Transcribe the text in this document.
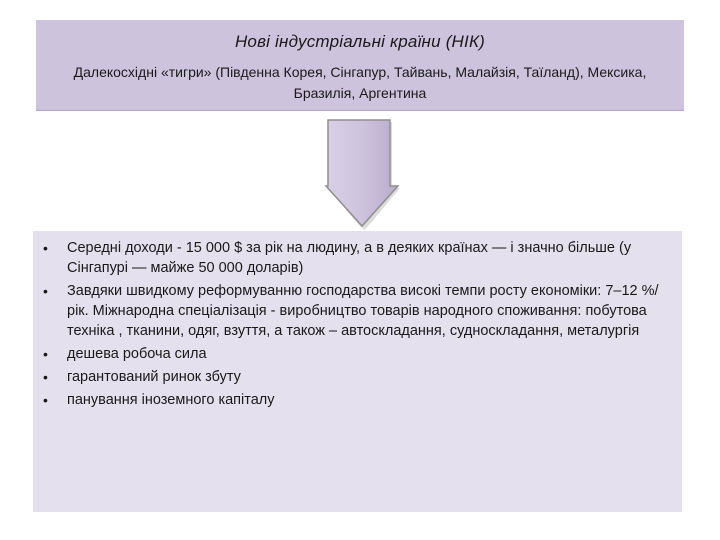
Нові індустріальні країни (НІК)
Далекосхідні «тигри» (Південна Корея, Сінгапур, Тайвань, Малайзія, Таїланд), Мексика, Бразилія, Аргентина
• Середні доходи - 15 000 $ за рік на людину, а в деяких країнах — і значно більше (у Сінгапурі — майже 50 000 доларів)
• Завдяки швидкому реформуванню господарства високі темпи росту економіки: 7–12 %/рік. Міжнародна спеціалізація - виробництво товарів народного споживання: побутова техніка , тканини, одяг, взуття, а також – автоскладання, судноскладання, металургія
• дешева робоча сила
• гарантований ринок збуту
• панування іноземного капіталу
